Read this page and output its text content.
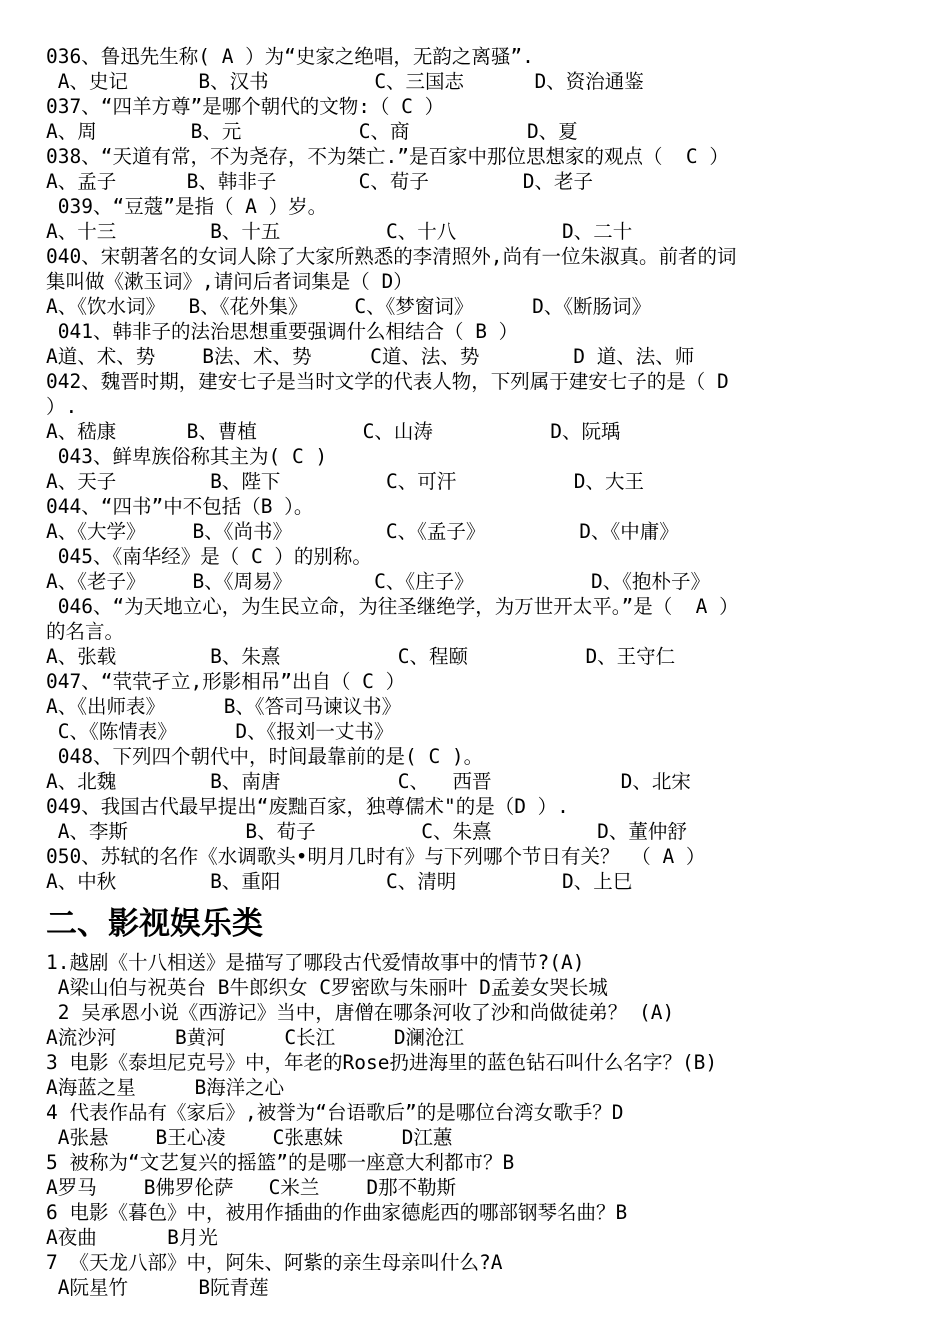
036、鲁迅先生称( A ）为“史家之绝唱，无韵之离骚”.
A、史记      B、汉书         C、三国志      D、资治通鉴
037、“四羊方尊”是哪个朝代的文物:（ C ）
A、周        B、元          C、商          D、夏
038、“天道有常，不为尧存，不为桀亡.”是百家中那位思想家的观点（  C ）
A、孟子      B、韩非子       C、荀子        D、老子
039、“豆蔻”是指（ A ）岁。
A、十三        B、十五         C、十八         D、二十
040、宋朝著名的女词人除了大家所熟悉的李清照外,尚有一位朱淑真。前者的词
集叫做《漱玉词》,请问后者词集是（ D）
A、《饮水词》  B、《花外集》    C、《梦窗词》     D、《断肠词》
041、韩非子的法治思想重要强调什么相结合（ B ）
A道、术、势    B法、术、势     C道、法、势        D 道、法、师
042、魏晋时期，建安七子是当时文学的代表人物，下列属于建安七子的是（ D
）.
A、嵇康      B、曹植         C、山涛          D、阮瑀
043、鲜卑族俗称其主为( C )
A、天子        B、陛下         C、可汗          D、大王
044、“四书”中不包括（B ）。
A、《大学》    B、《尚书》        C、《孟子》        D、《中庸》
045、《南华经》是（ C ）的别称。
A、《老子》    B、《周易》       C、《庄子》          D、《抱朴子》
046、“为天地立心，为生民立命，为往圣继绝学，为万世开太平。”是（  A ）
的名言。
A、张载        B、朱熹          C、程颐          D、王守仁
047、“茕茕孑立,形影相吊”出自（ C ）
A、《出师表》     B、《答司马谏议书》
C、《陈情表》     D、《报刘一丈书》
048、下列四个朝代中，时间最靠前的是( C )。
A、北魏        B、南唐          C、  西晋           D、北宋
049、我国古代最早提出“废黜百家，独尊儒术"的是（D ）.
A、李斯          B、荀子         C、朱熹         D、董仲舒
050、苏轼的名作《水调歌头•明月几时有》与下列哪个节日有关？ （ A ）
A、中秋        B、重阳         C、清明         D、上巳
二、影视娱乐类
1.越剧《十八相送》是描写了哪段古代爱情故事中的情节?(A)
A梁山伯与祝英台 B牛郎织女 C罗密欧与朱丽叶 D孟姜女哭长城
2 吴承恩小说《西游记》当中，唐僧在哪条河收了沙和尚做徒弟？ (A)
A流沙河     B黄河     C长江     D澜沧江
3 电影《泰坦尼克号》中，年老的Rose扔进海里的蓝色钻石叫什么名字？(B)
A海蓝之星     B海洋之心
4 代表作品有《家后》,被誉为“台语歌后”的是哪位台湾女歌手？D
A张悬    B王心凌    C张惠妹     D江蕙
5 被称为“文艺复兴的摇篮”的是哪一座意大利都市？B
A罗马    B佛罗伦萨   C米兰    D那不勒斯
6 电影《暮色》中，被用作插曲的作曲家德彪西的哪部钢琴名曲？B
A夜曲      B月光
7 《天龙八部》中，阿朱、阿紫的亲生母亲叫什么?A
A阮星竹      B阮青莲
